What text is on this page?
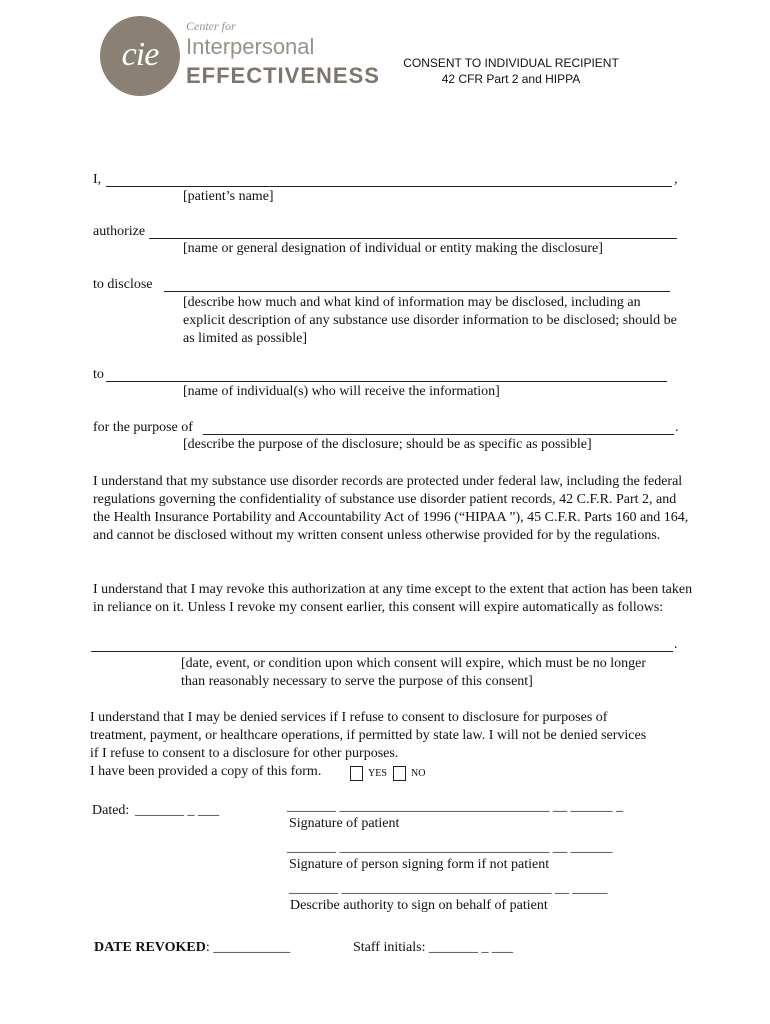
cie
Center for
Interpersonal
EFFECTIVENESS	CONSENT TO INDIVIDUAL RECIPIENT
42 CFR Part 2 and HIPPA
I,	,
[patient’s name]
authorize
[name or general designation of individual or entity making the disclosure]
to disclose
[describe how much and what kind of information may be disclosed, including an explicit description of any substance use disorder information to be disclosed; should be as limited as possible]
to
[name of individual(s) who will receive the information]
for the purpose of	.
[describe the purpose of the disclosure; should be as specific as possible]
I understand that my substance use disorder records are protected under federal law, including the federal regulations governing the confidentiality of substance use disorder patient records, 42 C.F.R. Part 2, and the Health Insurance Portability and Accountability Act of 1996 (“HIPAA ”), 45 C.F.R. Parts 160 and 164, and cannot be disclosed without my written consent unless otherwise provided for by the regulations.
I understand that I may revoke this authorization at any time except to the extent that action has been taken in reliance on it. Unless I revoke my consent earlier, this consent will expire automatically as follows:
.
[date, event, or condition upon which consent will expire, which must be no longer than reasonably necessary to serve the purpose of this consent]
I understand that I may be denied services if I refuse to consent to disclosure for purposes of treatment, payment, or healthcare operations, if permitted by state law. I will not be denied services if I refuse to consent to a disclosure for other purposes.
I have been provided a copy of this form.	YES NO
Dated: _______ _ ___	_______ ______________________________ __ ______ _
Signature of patient
_______ ______________________________ __ ______
Signature of person signing form if not patient
_______ ______________________________ __ _____
Describe authority to sign on behalf of patient
DATE REVOKED: ___________	Staff initials: _______ _ ___
